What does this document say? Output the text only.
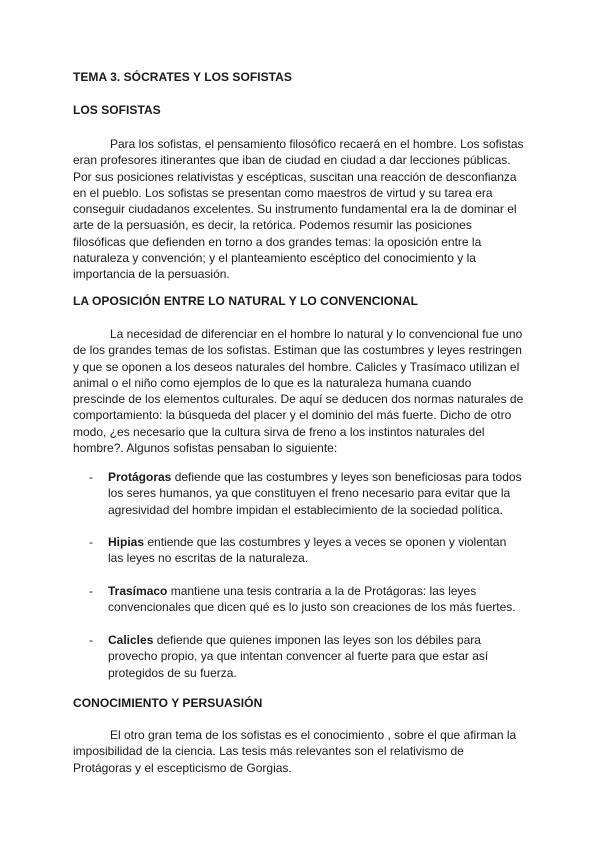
TEMA 3. SÓCRATES Y LOS SOFISTAS
LOS SOFISTAS
Para los sofistas, el pensamiento filosófico recaerá en el hombre. Los sofistas
eran profesores itinerantes que iban de ciudad en ciudad a dar lecciones públicas.
Por sus posiciones relativistas y escépticas, suscitan una reacción de desconfianza
en el pueblo. Los sofistas se presentan como maestros de virtud y su tarea era
conseguir ciudadanos excelentes. Su instrumento fundamental era la de dominar el
arte de la persuasión, es decir, la retórica. Podemos resumir las posiciones
filosóficas que defienden en torno a dos grandes temas: la oposición entre la
naturaleza y convención; y el planteamiento escéptico del conocimiento y la
importancia de la persuasión.
LA OPOSICIÓN ENTRE LO NATURAL Y LO CONVENCIONAL
La necesidad de diferenciar en el hombre lo natural y lo convencional fue uno
de los grandes temas de los sofistas. Estiman que las costumbres y leyes restringen
y que se oponen a los deseos naturales del hombre. Calicles y Trasímaco utilizan el
animal o el niño como ejemplos de lo que es la naturaleza humana cuando
prescinde de los elementos culturales. De aquí se deducen dos normas naturales de
comportamiento: la búsqueda del placer y el dominio del más fuerte. Dicho de otro
modo, ¿es necesario que la cultura sirva de freno a los instintos naturales del
hombre?. Algunos sofistas pensaban lo siguiente:
- Protágoras defiende que las costumbres y leyes son beneficiosas para todos
los seres humanos, ya que constituyen el freno necesario para evitar que la
agresividad del hombre impidan el establecimiento de la sociedad política.
- Hipias entiende que las costumbres y leyes a veces se oponen y violentan
las leyes no escritas de la naturaleza.
- Trasímaco mantiene una tesis contraria a la de Protágoras: las leyes
convencionales que dicen qué es lo justo son creaciones de los más fuertes.
- Calicles defiende que quienes imponen las leyes son los débiles para
provecho propio, ya que intentan convencer al fuerte para que estar así
protegidos de su fuerza.
CONOCIMIENTO Y PERSUASIÓN
El otro gran tema de los sofistas es el conocimiento , sobre el que afirman la
imposibilidad de la ciencia. Las tesis más relevantes son el relativismo de
Protágoras y el escepticismo de Gorgias.
